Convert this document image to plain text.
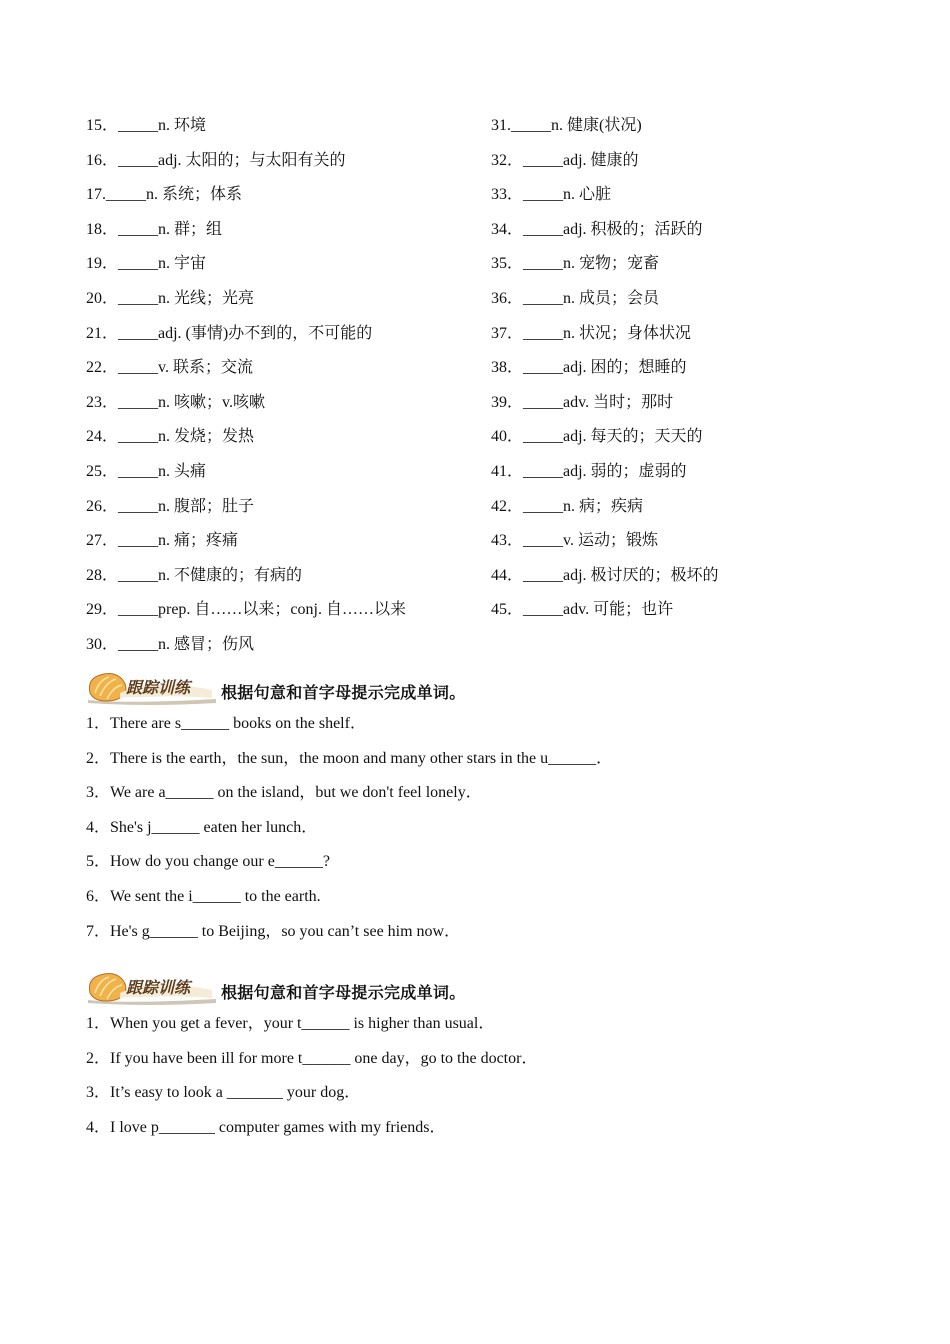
15．_____n. 环境	31._____n. 健康(状况)
16．_____adj. 太阳的；与太阳有关的	32．_____adj. 健康的
17._____n. 系统；体系	33．_____n. 心脏
18．_____n. 群；组	34．_____adj. 积极的；活跃的
19．_____n. 宇宙	35．_____n. 宠物；宠畜
20．_____n. 光线；光亮	36．_____n. 成员；会员
21．_____adj. (事情)办不到的，不可能的	37．_____n. 状况；身体状况
22．_____v. 联系；交流	38．_____adj. 困的；想睡的
23．_____n. 咳嗽；v.咳嗽	39．_____adv. 当时；那时
24．_____n. 发烧；发热	40．_____adj. 每天的；天天的
25．_____n. 头痛	41．_____adj. 弱的；虚弱的
26．_____n. 腹部；肚子	42．_____n. 病；疾病
27．_____n. 痛；疼痛	43．_____v. 运动；锻炼
28．_____n. 不健康的；有病的	44．_____adj. 极讨厌的；极坏的
29．_____prep. 自……以来；conj. 自……以来	45．_____adv. 可能；也许
30．_____n. 感冒；伤风
跟踪训练 根据句意和首字母提示完成单词。
1．There are s______ books on the shelf．
2．There is the earth，the sun，the moon and many other stars in the u______．
3．We are a______ on the island，but we don't feel lonely．
4．She's j______ eaten her lunch．
5．How do you change our e______?
6．We sent the i______ to the earth.
7．He's g______ to Beijing，so you can’t see him now．
跟踪训练 根据句意和首字母提示完成单词。
1．When you get a fever，your t______ is higher than usual．
2．If you have been ill for more t______ one day，go to the doctor．
3．It’s easy to look a _______ your dog．
4．I love p_______ computer games with my friends．
